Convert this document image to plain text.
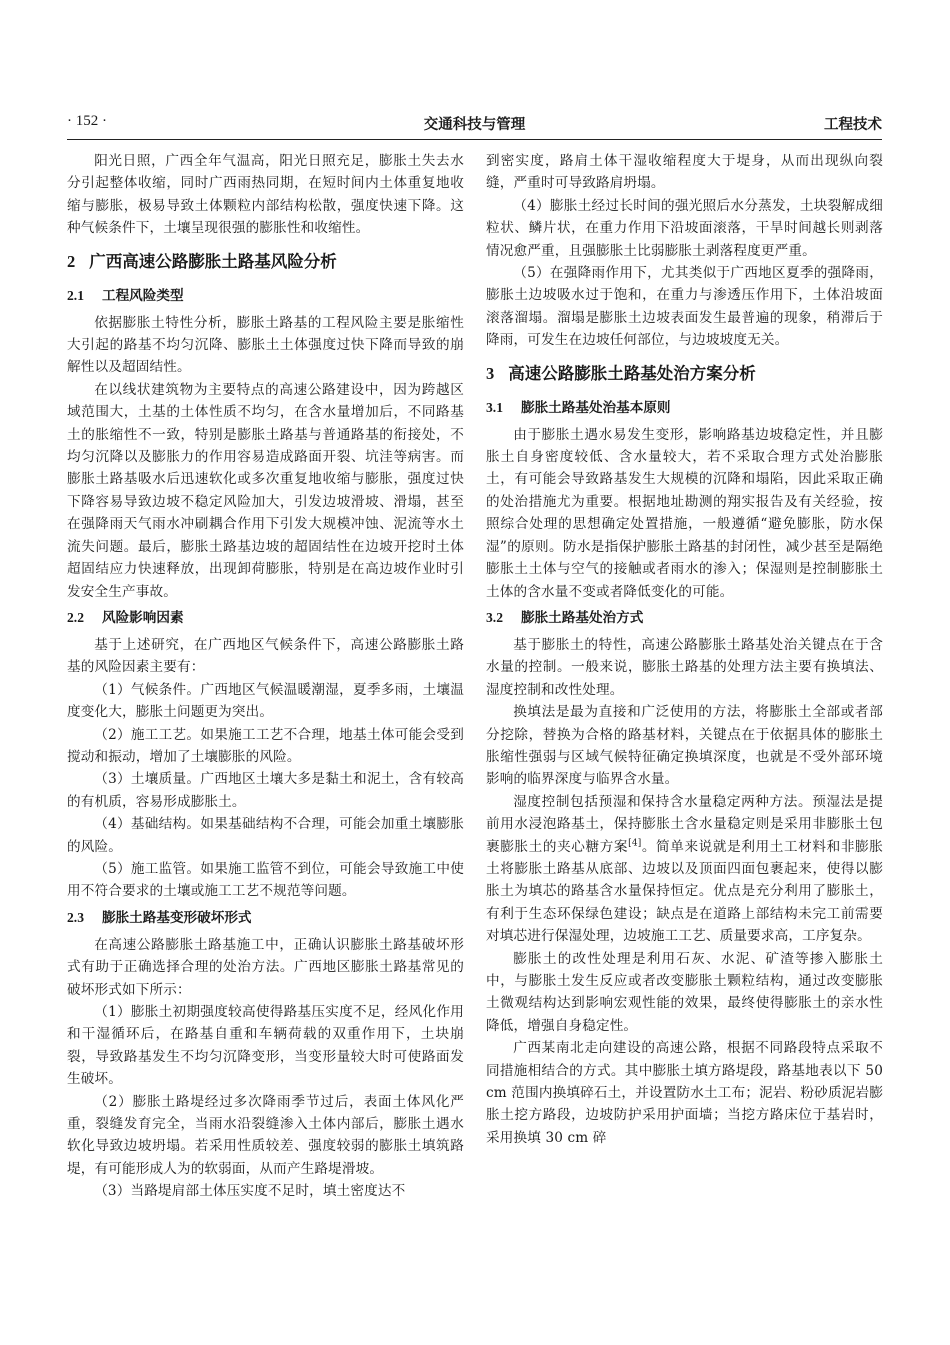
· 152 ·	交通科技与管理	工程技术

阳光日照，广西全年气温高，阳光日照充足，膨胀土失去水分引起整体收缩，同时广西雨热同期，在短时间内土体重复地收缩与膨胀，极易导致土体颗粒内部结构松散，强度快速下降。这种气候条件下，土壤呈现很强的膨胀性和收缩性。

2 广西高速公路膨胀土路基风险分析
2.1 工程风险类型

依据膨胀土特性分析，膨胀土路基的工程风险主要是胀缩性大引起的路基不均匀沉降、膨胀土土体强度过快下降而导致的崩解性以及超固结性。

在以线状建筑物为主要特点的高速公路建设中，因为跨越区域范围大，土基的土体性质不均匀，在含水量增加后，不同路基土的胀缩性不一致，特别是膨胀土路基与普通路基的衔接处，不均匀沉降以及膨胀力的作用容易造成路面开裂、坑洼等病害。而膨胀土路基吸水后迅速软化或多次重复地收缩与膨胀，强度过快下降容易导致边坡不稳定风险加大，引发边坡滑坡、滑塌，甚至在强降雨天气雨水冲刷耦合作用下引发大规模冲蚀、泥流等水土流失问题。最后，膨胀土路基边坡的超固结性在边坡开挖时土体超固结应力快速释放，出现卸荷膨胀，特别是在高边坡作业时引发安全生产事故。

2.2 风险影响因素

基于上述研究，在广西地区气候条件下，高速公路膨胀土路基的风险因素主要有：

（1）气候条件。广西地区气候温暖潮湿，夏季多雨，土壤温度变化大，膨胀土问题更为突出。

（2）施工工艺。如果施工工艺不合理，地基土体可能会受到搅动和振动，增加了土壤膨胀的风险。

（3）土壤质量。广西地区土壤大多是黏土和泥土，含有较高的有机质，容易形成膨胀土。

（4）基础结构。如果基础结构不合理，可能会加重土壤膨胀的风险。

（5）施工监管。如果施工监管不到位，可能会导致施工中使用不符合要求的土壤或施工工艺不规范等问题。

2.3 膨胀土路基变形破坏形式

在高速公路膨胀土路基施工中，正确认识膨胀土路基破坏形式有助于正确选择合理的处治方法。广西地区膨胀土路基常见的破坏形式如下所示：

（1）膨胀土初期强度较高使得路基压实度不足，经风化作用和干湿循环后，在路基自重和车辆荷载的双重作用下，土块崩裂，导致路基发生不均匀沉降变形，当变形量较大时可使路面发生破坏。

（2）膨胀土路堤经过多次降雨季节过后，表面土体风化严重，裂缝发育完全，当雨水沿裂缝渗入土体内部后，膨胀土遇水软化导致边坡坍塌。若采用性质较差、强度较弱的膨胀土填筑路堤，有可能形成人为的软弱面，从而产生路堤滑坡。

（3）当路堤肩部土体压实度不足时，填土密度达不

到密实度，路肩土体干湿收缩程度大于堤身，从而出现纵向裂缝，严重时可导致路肩坍塌。

（4）膨胀土经过长时间的强光照后水分蒸发，土块裂解成细粒状、鳞片状，在重力作用下沿坡面滚落，干旱时间越长则剥落情况愈严重，且强膨胀土比弱膨胀土剥落程度更严重。

（5）在强降雨作用下，尤其类似于广西地区夏季的强降雨，膨胀土边坡吸水过于饱和，在重力与渗透压作用下，土体沿坡面滚落溜塌。溜塌是膨胀土边坡表面发生最普遍的现象，稍滞后于降雨，可发生在边坡任何部位，与边坡坡度无关。

3 高速公路膨胀土路基处治方案分析
3.1 膨胀土路基处治基本原则

由于膨胀土遇水易发生变形，影响路基边坡稳定性，并且膨胀土自身密度较低、含水量较大，若不采取合理方式处治膨胀土，有可能会导致路基发生大规模的沉降和塌陷，因此采取正确的处治措施尤为重要。根据地址勘测的翔实报告及有关经验，按照综合处理的思想确定处置措施，一般遵循“避免膨胀，防水保湿”的原则。防水是指保护膨胀土路基的封闭性，减少甚至是隔绝膨胀土土体与空气的接触或者雨水的渗入；保湿则是控制膨胀土土体的含水量不变或者降低变化的可能。

3.2 膨胀土路基处治方式

基于膨胀土的特性，高速公路膨胀土路基处治关键点在于含水量的控制。一般来说，膨胀土路基的处理方法主要有换填法、湿度控制和改性处理。

换填法是最为直接和广泛使用的方法，将膨胀土全部或者部分挖除，替换为合格的路基材料，关键点在于依据具体的膨胀土胀缩性强弱与区域气候特征确定换填深度，也就是不受外部环境影响的临界深度与临界含水量。

湿度控制包括预湿和保持含水量稳定两种方法。预湿法是提前用水浸泡路基土，保持膨胀土含水量稳定则是采用非膨胀土包裹膨胀土的夹心糖方案[4]。简单来说就是利用土工材料和非膨胀土将膨胀土路基从底部、边坡以及顶面四面包裹起来，使得以膨胀土为填芯的路基含水量保持恒定。优点是充分利用了膨胀土，有利于生态环保绿色建设；缺点是在道路上部结构未完工前需要对填芯进行保湿处理，边坡施工工艺、质量要求高，工序复杂。

膨胀土的改性处理是利用石灰、水泥、矿渣等掺入膨胀土中，与膨胀土发生反应或者改变膨胀土颗粒结构，通过改变膨胀土微观结构达到影响宏观性能的效果，最终使得膨胀土的亲水性降低，增强自身稳定性。

广西某南北走向建设的高速公路，根据不同路段特点采取不同措施相结合的方式。其中膨胀土填方路堤段，路基地表以下 50 cm 范围内换填碎石土，并设置防水土工布；泥岩、粉砂质泥岩膨胀土挖方路段，边坡防护采用护面墙；当挖方路床位于基岩时，采用换填 30 cm 碎
